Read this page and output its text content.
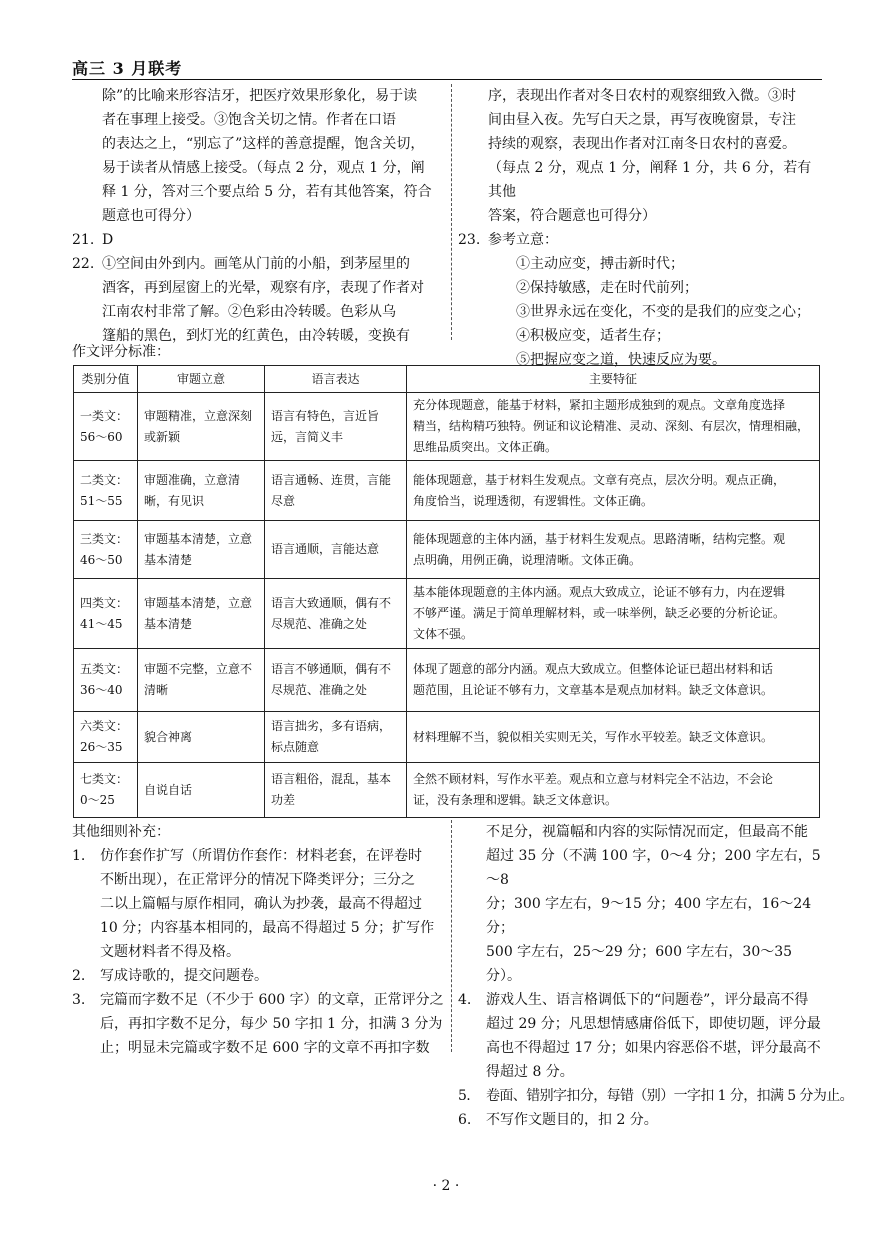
高三 3 月联考
除”的比喻来形容洁牙，把医疗效果形象化，易于读
者在事理上接受。③饱含关切之情。作者在口语
的表达之上，“别忘了”这样的善意提醒，饱含关切，
易于读者从情感上接受。（每点 2 分，观点 1 分，阐
释 1 分，答对三个要点给 5 分，若有其他答案，符合
题意也可得分）
21. D
22. ①空间由外到内。画笔从门前的小船，到茅屋里的
酒客，再到屋窗上的光晕，观察有序，表现了作者对
江南农村非常了解。②色彩由冷转暖。色彩从乌
篷船的黑色，到灯光的红黄色，由冷转暖，变换有
序，表现出作者对冬日农村的观察细致入微。③时
间由昼入夜。先写白天之景，再写夜晚窗景，专注
持续的观察，表现出作者对江南冬日农村的喜爱。
（每点 2 分，观点 1 分，阐释 1 分，共 6 分，若有其他
答案，符合题意也可得分）
23. 参考立意：
①主动应变，搏击新时代；
②保持敏感，走在时代前列；
③世界永远在变化，不变的是我们的应变之心；
④积极应变，适者生存；
⑤把握应变之道，快速反应为要。
作文评分标准：
类别分值	审题立意	语言表达	主要特征

一类文：
56～60	审题精准，立意深刻
或新颖	语言有特色，言近旨
远，言简义丰	充分体现题意，能基于材料，紧扣主题形成独到的观点。文章角度选择
精当，结构精巧独特。例证和议论精准、灵动、深刻、有层次，情理相融，
思维品质突出。文体正确。

二类文：
51～55	审题准确，立意清
晰，有见识	语言通畅、连贯，言能
尽意	能体现题意，基于材料生发观点。文章有亮点，层次分明。观点正确，
角度恰当，说理透彻，有逻辑性。文体正确。

三类文：
46～50	审题基本清楚，立意
基本清楚	语言通顺，言能达意	能体现题意的主体内涵，基于材料生发观点。思路清晰，结构完整。观
点明确，用例正确，说理清晰。文体正确。

四类文：
41～45	审题基本清楚，立意
基本清楚	语言大致通顺，偶有不
尽规范、准确之处	基本能体现题意的主体内涵。观点大致成立，论证不够有力，内在逻辑
不够严谨。满足于简单理解材料，或一味举例，缺乏必要的分析论证。
文体不强。

五类文：
36～40	审题不完整，立意不
清晰	语言不够通顺，偶有不
尽规范、准确之处	体现了题意的部分内涵。观点大致成立。但整体论证已超出材料和话
题范围，且论证不够有力，文章基本是观点加材料。缺乏文体意识。

六类文：
26～35	貌合神离	语言拙劣，多有语病，
标点随意	材料理解不当，貌似相关实则无关，写作水平较差。缺乏文体意识。

七类文：
0～25	自说自话	语言粗俗，混乱，基本
功差	全然不顾材料，写作水平差。观点和立意与材料完全不沾边，不会论
证，没有条理和逻辑。缺乏文体意识。
其他细则补充：
1. 仿作套作扩写（所谓仿作套作：材料老套，在评卷时
不断出现），在正常评分的情况下降类评分；三分之
二以上篇幅与原作相同，确认为抄袭，最高不得超过
10 分；内容基本相同的，最高不得超过 5 分；扩写作
文题材料者不得及格。
2. 写成诗歌的，提交问题卷。
3. 完篇而字数不足（不少于 600 字）的文章，正常评分之
后，再扣字数不足分，每少 50 字扣 1 分，扣满 3 分为
止；明显未完篇或字数不足 600 字的文章不再扣字数
不足分，视篇幅和内容的实际情况而定，但最高不能
超过 35 分（不满 100 字，0～4 分；200 字左右，5～8
分；300 字左右，9～15 分；400 字左右，16～24 分；
500 字左右，25～29 分；600 字左右，30～35 分）。
4. 游戏人生、语言格调低下的“问题卷”，评分最高不得
超过 29 分；凡思想情感庸俗低下，即使切题，评分最
高也不得超过 17 分；如果内容恶俗不堪，评分最高不
得超过 8 分。
5. 卷面、错别字扣分，每错（别）一字扣 1 分，扣满 5 分为止。
6. 不写作文题目的，扣 2 分。
· 2 ·
